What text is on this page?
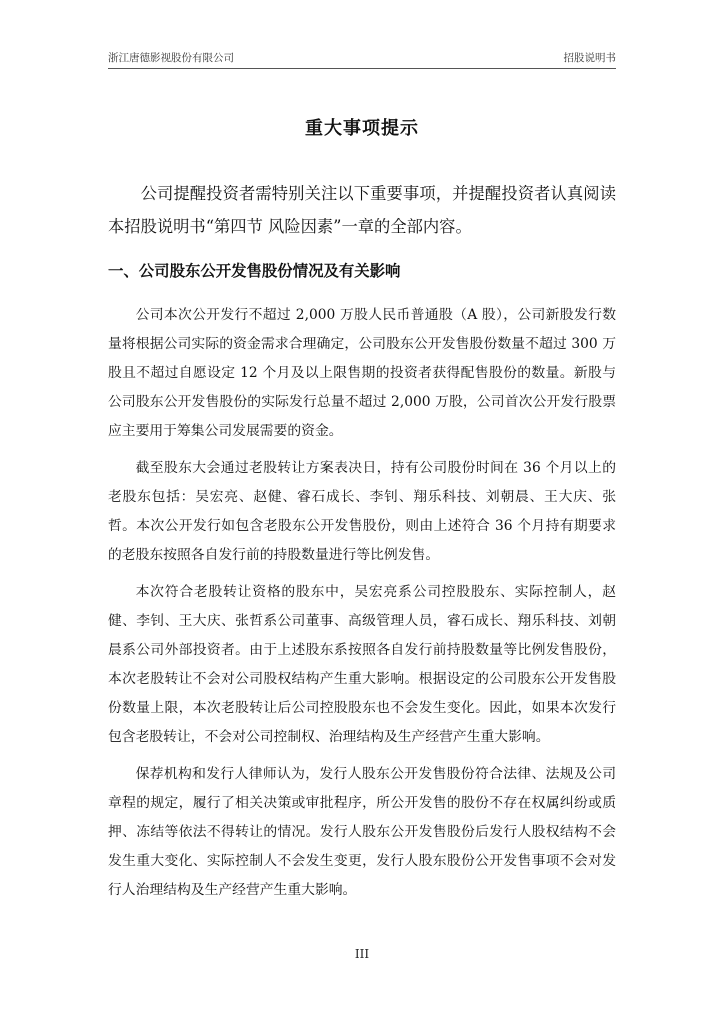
浙江唐德影视股份有限公司	招股说明书
重大事项提示

公司提醒投资者需特别关注以下重要事项，并提醒投资者认真阅读本招股说明书“第四节 风险因素”一章的全部内容。

一、公司股东公开发售股份情况及有关影响

公司本次公开发行不超过 2,000 万股人民币普通股（A 股），公司新股发行数量将根据公司实际的资金需求合理确定，公司股东公开发售股份数量不超过 300 万股且不超过自愿设定 12 个月及以上限售期的投资者获得配售股份的数量。新股与公司股东公开发售股份的实际发行总量不超过 2,000 万股，公司首次公开发行股票应主要用于筹集公司发展需要的资金。

截至股东大会通过老股转让方案表决日，持有公司股份时间在 36 个月以上的老股东包括：吴宏亮、赵健、睿石成长、李钊、翔乐科技、刘朝晨、王大庆、张哲。本次公开发行如包含老股东公开发售股份，则由上述符合 36 个月持有期要求的老股东按照各自发行前的持股数量进行等比例发售。

本次符合老股转让资格的股东中，吴宏亮系公司控股股东、实际控制人，赵健、李钊、王大庆、张哲系公司董事、高级管理人员，睿石成长、翔乐科技、刘朝晨系公司外部投资者。由于上述股东系按照各自发行前持股数量等比例发售股份，本次老股转让不会对公司股权结构产生重大影响。根据设定的公司股东公开发售股份数量上限，本次老股转让后公司控股股东也不会发生变化。因此，如果本次发行包含老股转让，不会对公司控制权、治理结构及生产经营产生重大影响。

保荐机构和发行人律师认为，发行人股东公开发售股份符合法律、法规及公司章程的规定，履行了相关决策或审批程序，所公开发售的股份不存在权属纠纷或质押、冻结等依法不得转让的情况。发行人股东公开发售股份后发行人股权结构不会发生重大变化、实际控制人不会发生变更，发行人股东股份公开发售事项不会对发行人治理结构及生产经营产生重大影响。

III
